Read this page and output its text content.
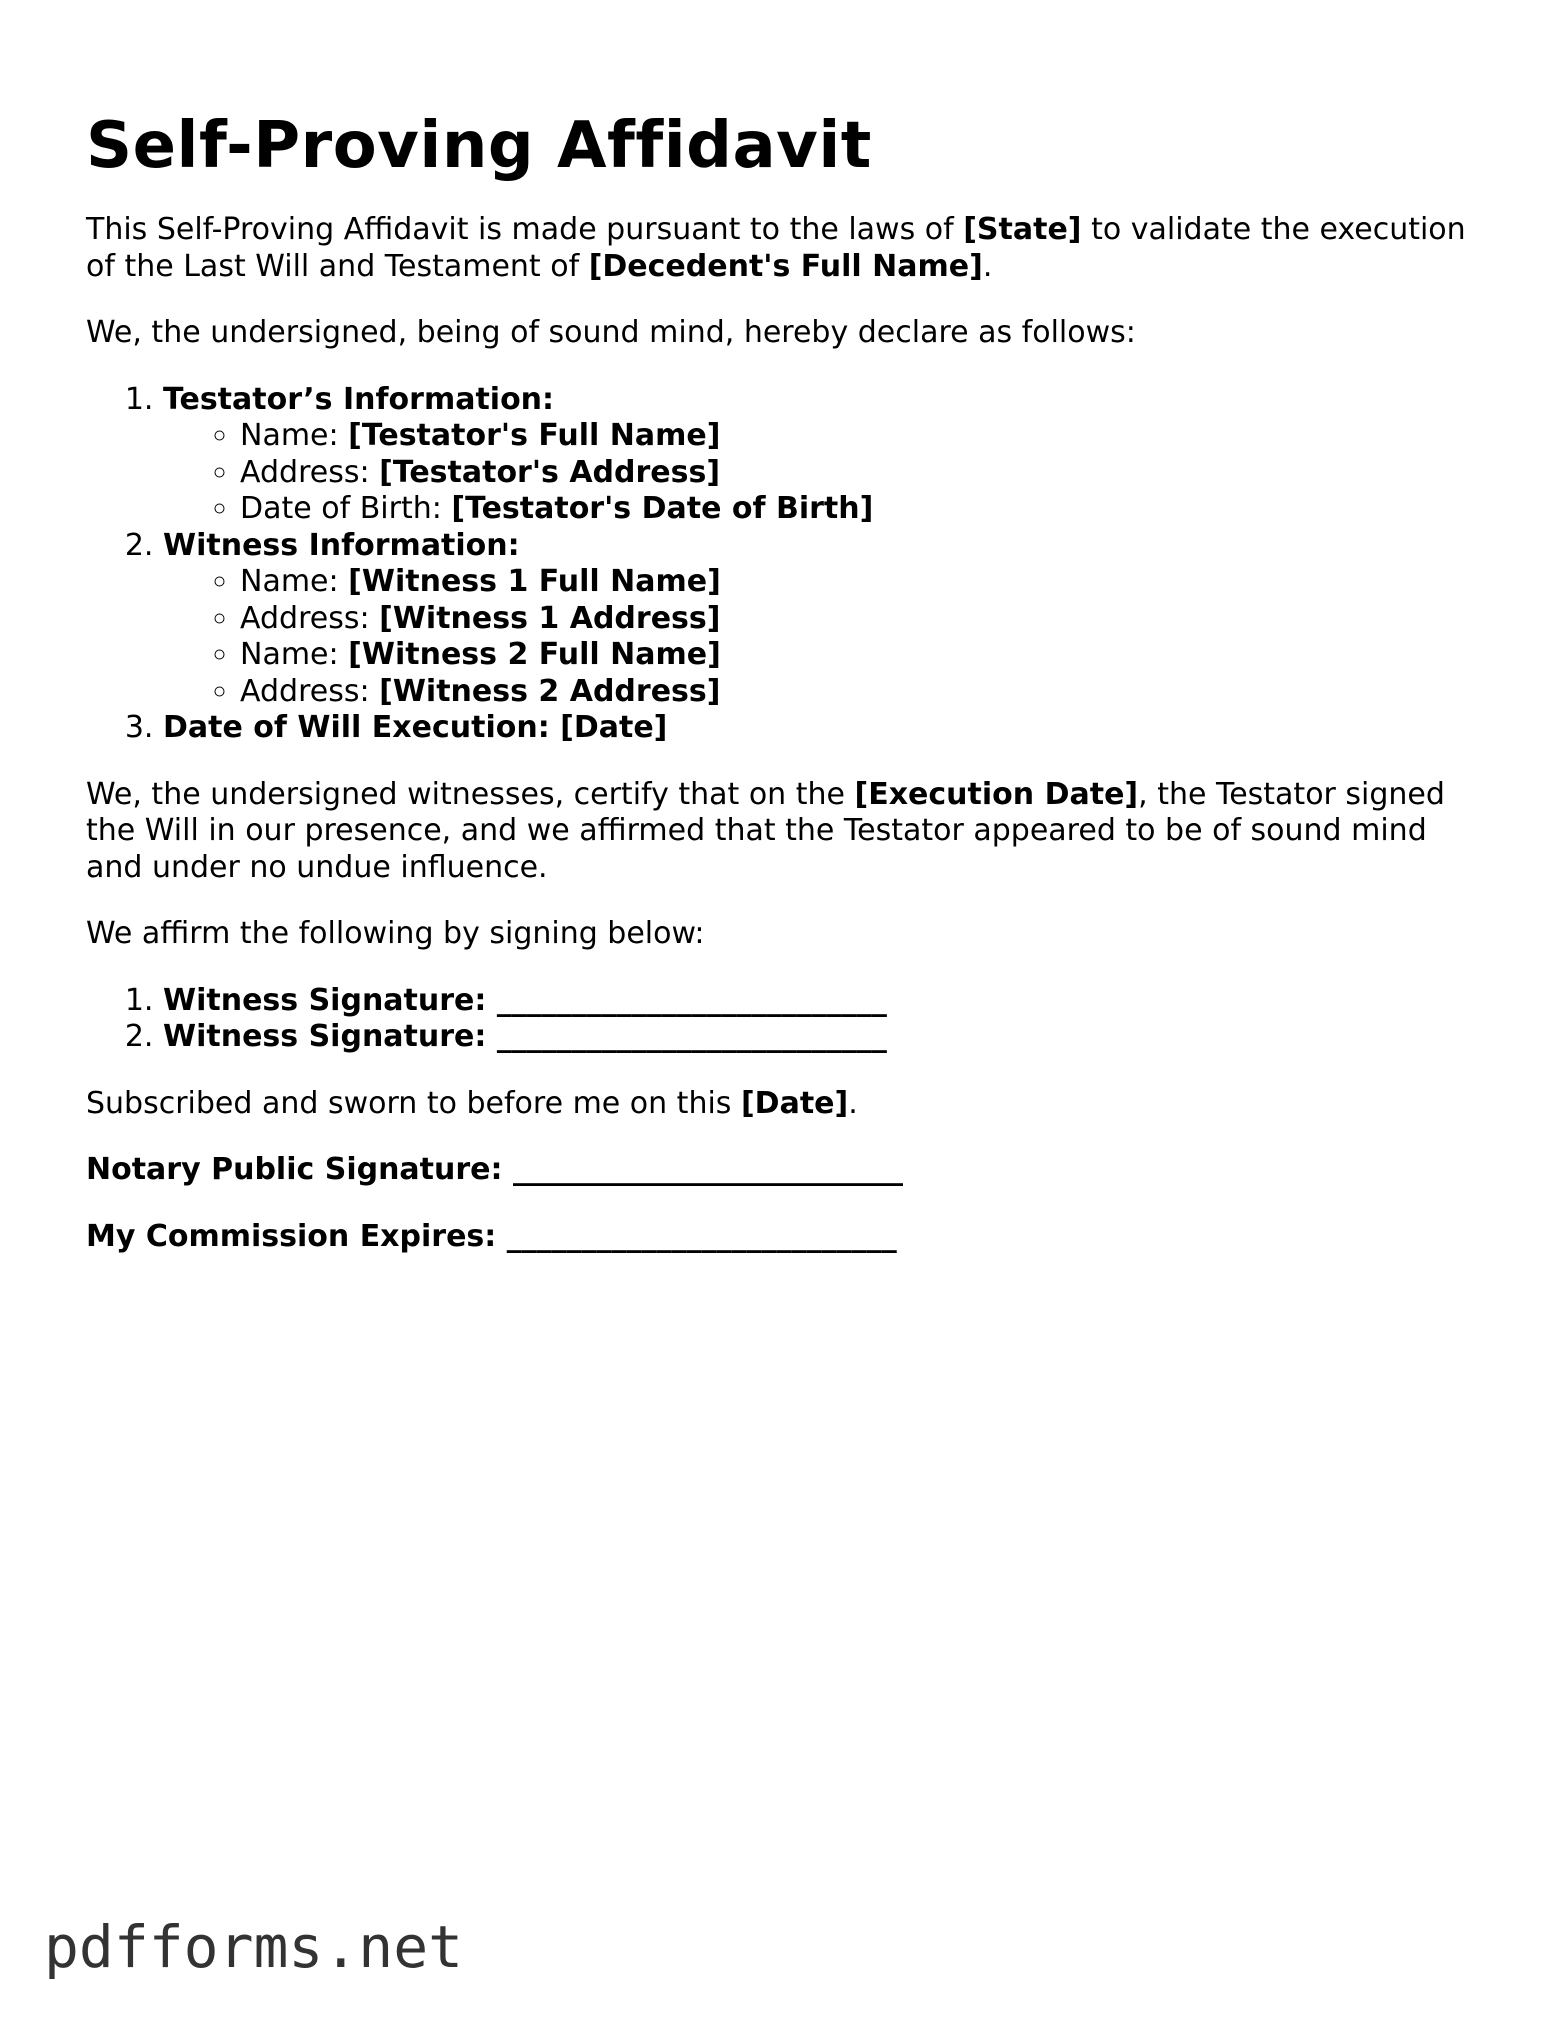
Self-Proving Affidavit

This Self-Proving Affidavit is made pursuant to the laws of [State] to validate the execution of the Last Will and Testament of [Decedent's Full Name].

We, the undersigned, being of sound mind, hereby declare as follows:

1. Testator’s Information:
◦ Name: [Testator's Full Name]
◦ Address: [Testator's Address]
◦ Date of Birth: [Testator's Date of Birth]
2. Witness Information:
◦ Name: [Witness 1 Full Name]
◦ Address: [Witness 1 Address]
◦ Name: [Witness 2 Full Name]
◦ Address: [Witness 2 Address]
3. Date of Will Execution: [Date]

We, the undersigned witnesses, certify that on the [Execution Date], the Testator signed the Will in our presence, and we affirmed that the Testator appeared to be of sound mind and under no undue influence.

We affirm the following by signing below:

1. Witness Signature: __________________________
2. Witness Signature: __________________________

Subscribed and sworn to before me on this [Date].

Notary Public Signature: __________________________

My Commission Expires: __________________________

pdfforms.net
